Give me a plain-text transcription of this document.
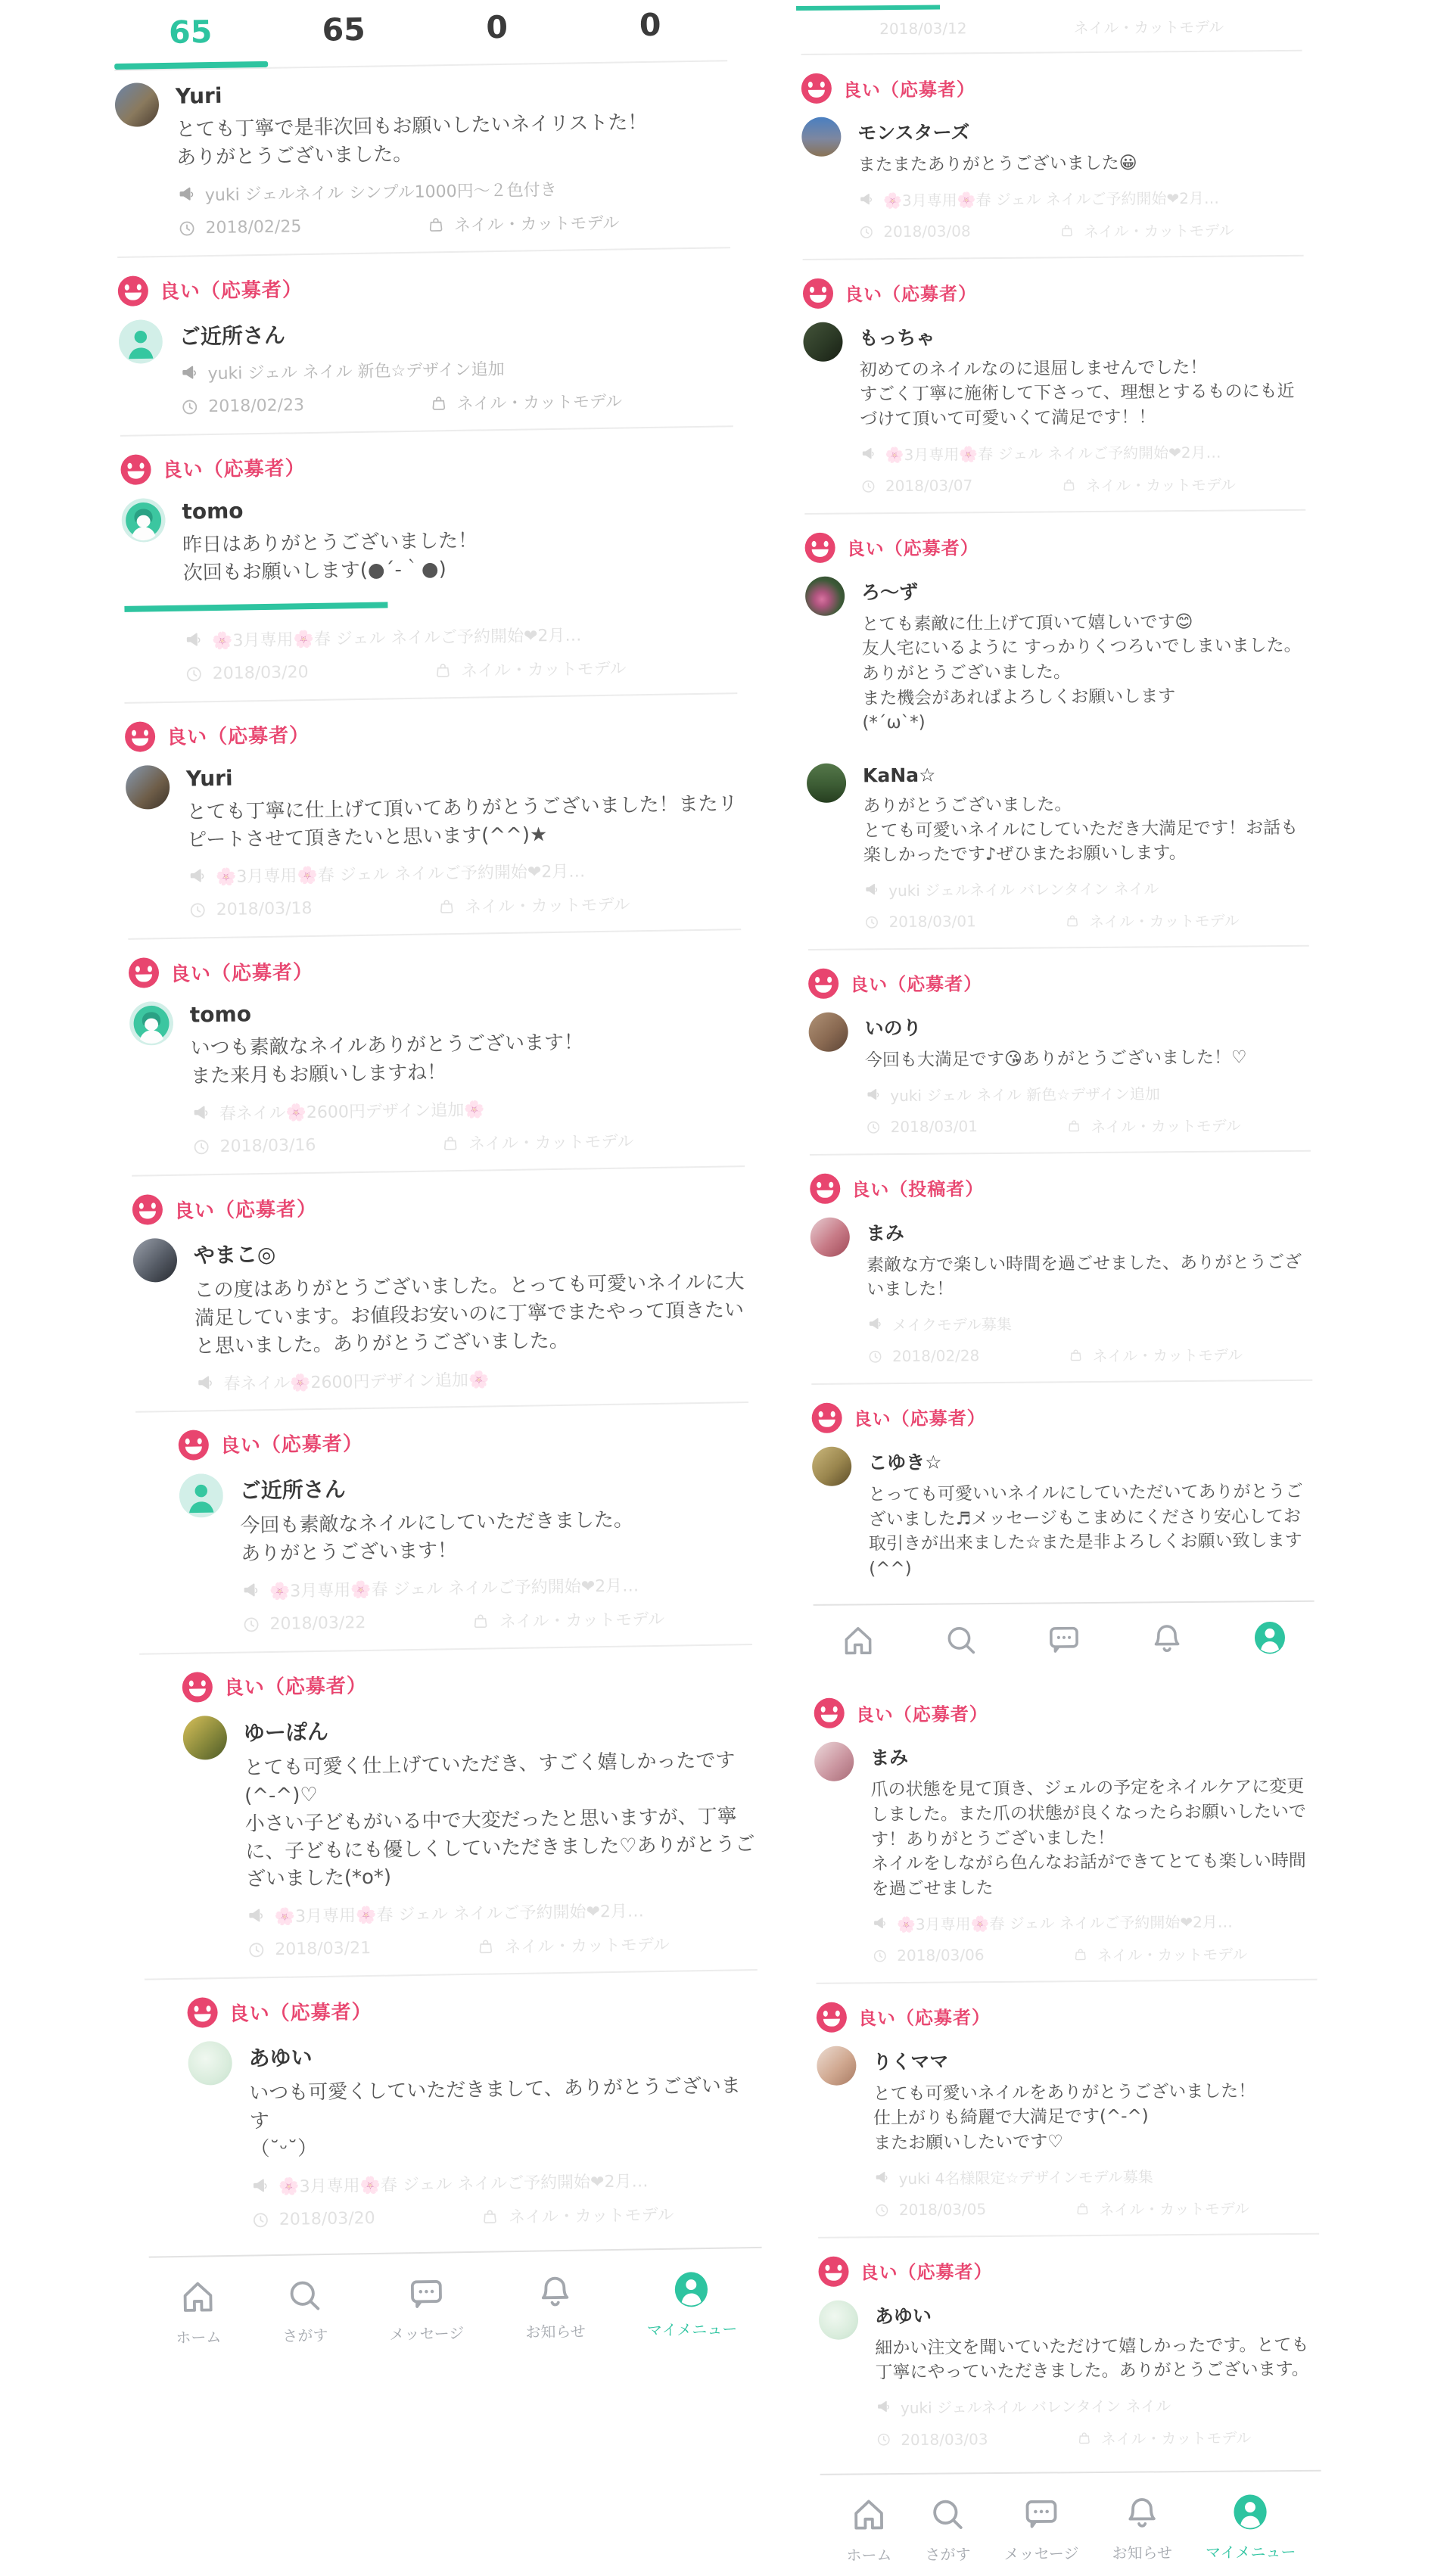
65	65	0	0
Yuri
とても丁寧で是非次回もお願いしたいネイリストた！
ありがとうございました。
yuki ジェルネイル シンプル1000円〜２色付き
2018/02/25	ネイル・カットモデル
良い（応募者）
ご近所さん
yuki ジェル ネイル 新色☆デザイン追加
2018/02/23	ネイル・カットモデル
良い（応募者）
tomo
昨日はありがとうございました！
次回もお願いします(●´-｀●)
🌸3月専用🌸春 ジェル ネイルご予約開始❤2月…
2018/03/20	ネイル・カットモデル
良い（応募者）
Yuri
とても丁寧に仕上げて頂いてありがとうございました！またリピートさせて頂きたいと思います(^^)★
🌸3月専用🌸春 ジェル ネイルご予約開始❤2月…
2018/03/18	ネイル・カットモデル
良い（応募者）
tomo
いつも素敵なネイルありがとうございます！
また来月もお願いしますね！
春ネイル🌸2600円デザイン追加🌸
2018/03/16	ネイル・カットモデル
良い（応募者）
やまこ◎
この度はありがとうございました。とっても可愛いネイルに大満足しています。お値段お安いのに丁寧でまたやって頂きたいと思いました。ありがとうございました。
春ネイル🌸2600円デザイン追加🌸
良い（応募者）
ご近所さん
今回も素敵なネイルにしていただきました。
ありがとうございます！
🌸3月専用🌸春 ジェル ネイルご予約開始❤2月…
2018/03/22	ネイル・カットモデル
良い（応募者）
ゆーぽん
とても可愛く仕上げていただき、すごく嬉しかったです(^-^)♡
小さい子どもがいる中で大変だったと思いますが、丁寧に、子どもにも優しくしていただきました♡ありがとうございました(*o*)
🌸3月専用🌸春 ジェル ネイルご予約開始❤2月…
2018/03/21	ネイル・カットモデル
良い（応募者）
あゆい
いつも可愛くしていただきまして、ありがとうございます
（˘ᵕ˘）
🌸3月専用🌸春 ジェル ネイルご予約開始❤2月…
2018/03/20	ネイル・カットモデル
ホーム	さがす	メッセージ	お知らせ	マイメニュー
2018/03/12	ネイル・カットモデル
良い（応募者）
モンスターズ
またまたありがとうございました😀
🌸3月専用🌸春 ジェル ネイルご予約開始❤2月…
2018/03/08	ネイル・カットモデル
良い（応募者）
もっちゃ
初めてのネイルなのに退屈しませんでした！
すごく丁寧に施術して下さって、理想とするものにも近づけて頂いて可愛いくて満足です！！
🌸3月専用🌸春 ジェル ネイルご予約開始❤2月…
2018/03/07	ネイル・カットモデル
良い（応募者）
ろ〜ず
とても素敵に仕上げて頂いて嬉しいです😊
友人宅にいるように すっかりくつろいでしまいました。ありがとうございました。
また機会があればよろしくお願いします
(*´ω`*)
KaNa☆
ありがとうございました。
とても可愛いネイルにしていただき大満足です！お話も楽しかったです♪ぜひまたお願いします。
yuki ジェルネイル バレンタイン ネイル
2018/03/01	ネイル・カットモデル
良い（応募者）
いのり
今回も大満足です😘ありがとうございました！♡
yuki ジェル ネイル 新色☆デザイン追加
2018/03/01	ネイル・カットモデル
良い（投稿者）
まみ
素敵な方で楽しい時間を過ごせました、ありがとうございました！
メイクモデル募集
2018/02/28	ネイル・カットモデル
良い（応募者）
こゆき☆
とっても可愛いいネイルにしていただいてありがとうございました♬メッセージもこまめにくださり安心してお取引きが出来ました☆また是非よろしくお願い致します(^^)
良い（応募者）
まみ
爪の状態を見て頂き、ジェルの予定をネイルケアに変更しました。また爪の状態が良くなったらお願いしたいです！ありがとうございました！
ネイルをしながら色んなお話ができてとても楽しい時間を過ごせました
🌸3月専用🌸春 ジェル ネイルご予約開始❤2月…
2018/03/06	ネイル・カットモデル
良い（応募者）
りくママ
とても可愛いネイルをありがとうございました！
仕上がりも綺麗で大満足です(^-^)
またお願いしたいです♡
yuki 4名様限定☆デザインモデル募集
2018/03/05	ネイル・カットモデル
良い（応募者）
あゆい
細かい注文を聞いていただけて嬉しかったです。とても丁寧にやっていただきました。ありがとうございます。
yuki ジェルネイル バレンタイン ネイル
2018/03/03	ネイル・カットモデル
ホーム さがす メッセージ お知らせ マイメニュー
